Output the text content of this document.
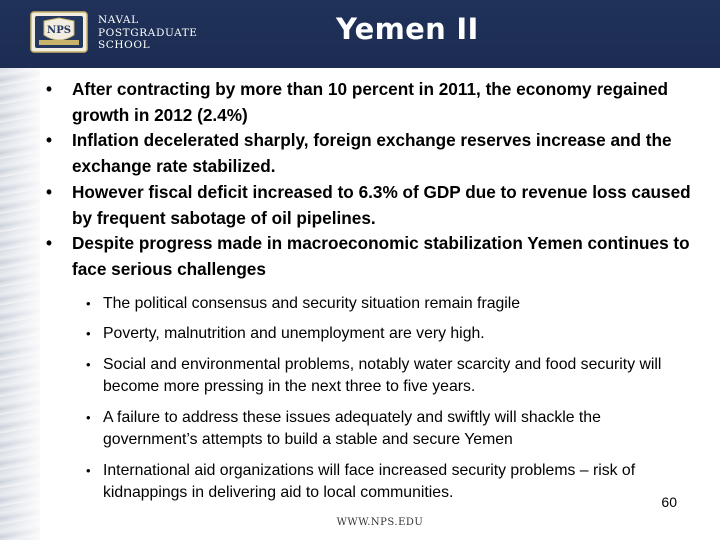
NPS
NAVAL
POSTGRADUATE
SCHOOL	Yemen II
• After contracting by more than 10 percent in 2011, the economy regained growth in 2012 (2.4%)
• Inflation decelerated sharply, foreign exchange reserves increase and the exchange rate stabilized.
• However fiscal deficit increased to 6.3% of GDP due to revenue loss caused by frequent sabotage of oil pipelines.
• Despite progress made in macroeconomic stabilization Yemen continues to face serious challenges
• The political consensus and security situation remain fragile
• Poverty, malnutrition and unemployment are very high.
• Social and environmental problems, notably water scarcity and food security will become more pressing in the next three to five years.
• A failure to address these issues adequately and swiftly will shackle the government’s attempts to build a stable and secure Yemen
• International aid organizations will face increased security problems – risk of kidnappings in delivering aid to local communities.
60
WWW.NPS.EDU
